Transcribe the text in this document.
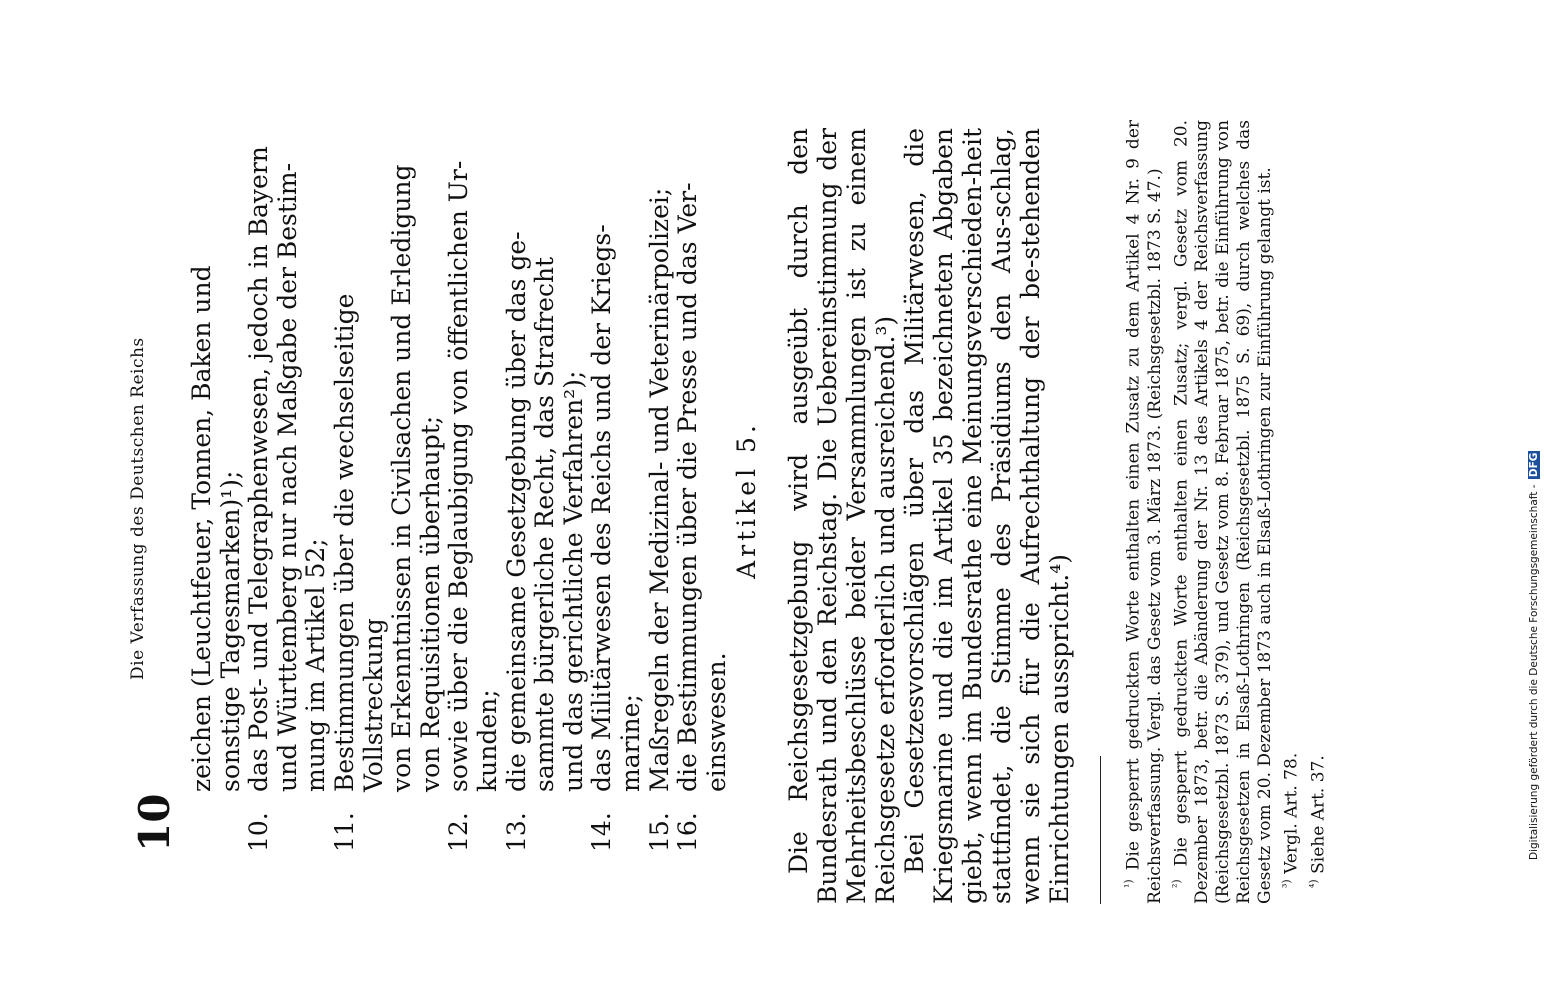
10
Die Verfassung des Deutschen Reichs zeichen (Leuchtfeuer, Tonnen, Baken und sonstige Tagesmarken)¹);
10.
das Post- und Telegraphenwesen, jedoch in Bayern und Württemberg nur nach Maßgabe der Bestim- mung im Artikel 52;
11.
Bestimmungen über die wechselseitige Vollstreckung von Erkenntnissen in Civilsachen und Erledigung von Requisitionen überhaupt;
12.
sowie über die Beglaubigung von öffentlichen Ur- kunden;
13.
die gemeinsame Gesetzgebung über das ge- sammte bürgerliche Recht, das Strafrecht und das gerichtliche Verfahren²);
14.
das Militärwesen des Reichs und der Kriegs- marine;
15.
Maßregeln der Medizinal- und Veterinärpolizei;
16.
die Bestimmungen über die Presse und das Ver- einswesen.
Artikel 5. Die Reichsgesetzgebung wird ausgeübt durch den Bundesrath und den Reichstag. Die Uebereinstimmung der Mehrheitsbeschlüsse beider Versammlungen ist zu einem Reichsgesetze erforderlich und ausreichend.³) Bei Gesetzesvorschlägen über das Militärwesen, die Kriegsmarine und die im Artikel 35 bezeichneten Abgaben giebt, wenn im Bundesrathe eine Meinungsverschieden-heit stattfindet, die Stimme des Präsidiums den Aus-schlag, wenn sie sich für die Aufrechthaltung der be-stehenden Einrichtungen ausspricht.⁴)	$^{^1)}$ Die gesperrt gedruckten Worte enthalten einen Zusatz zu dem Artikel 4 Nr. 9 der Reichsverfassung. Vergl. das Gesetz vom 3. März 1873. (Reichsgesetzbl. 1873 S. 47.) $^{^2)}$ Die gesperrt gedruckten Worte enthalten einen Zusatz; vergl. Gesetz vom 20. Dezember 1873, betr. die Abänderung der Nr. 13 des Artikels 4 der Reichsverfassung (Reichsgesetzbl. 1873 S. 379), und Gesetz vom 8. Februar 1875, betr. die Einführung von Reichsgesetzen in Elsaß-Lothringen (Reichsgesetzbl. 1875 S. 69), durch welches das Gesetz vom 20. Dezember 1873 auch in Elsaß-Lothringen zur Einführung gelangt ist. $^{^3)}$ Vergl. Art. 78.

$^{^4)}$ Siehe Art. 37.	Digitalisierung gefördert durch die Deutsche Forschungsgemeinschaft - DFG
